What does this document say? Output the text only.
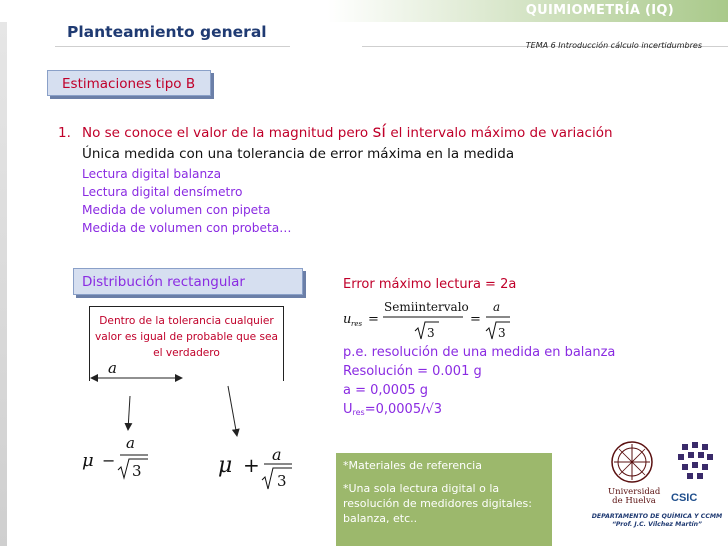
QUIMIOMETRÍA (IQ)
Planteamiento general
TEMA 6 Introducción cálculo incertidumbres
Estimaciones tipo B
1. No se conoce el valor de la magnitud pero sí el intervalo máximo de variación
Única medida con una tolerancia de error máxima en la medida
Lectura digital balanza
Lectura digital densímetro
Medida de volumen con pipeta
Medida de volumen con probeta…
Distribución rectangular
Dentro de la tolerancia cualquier valor es igual de probable que sea el verdadero
a
μ −
a
3	μ + a
3
Error máximo lectura = 2a
u res =
Semiintervalo
3
=
a
3
p.e. resolución de una medida en balanza
Resolución = 0.001 g
a = 0,0005 g
$U_{res}=0,0005/√3$
*Materiales de referencia
*Una sola lectura digital o la resolución de medidores digitales: balanza, etc..
Universidad de Huelva	CSIC
DEPARTAMENTO DE QUÍMICA Y CCMM
“Prof. J.C. Vílchez Martín”
